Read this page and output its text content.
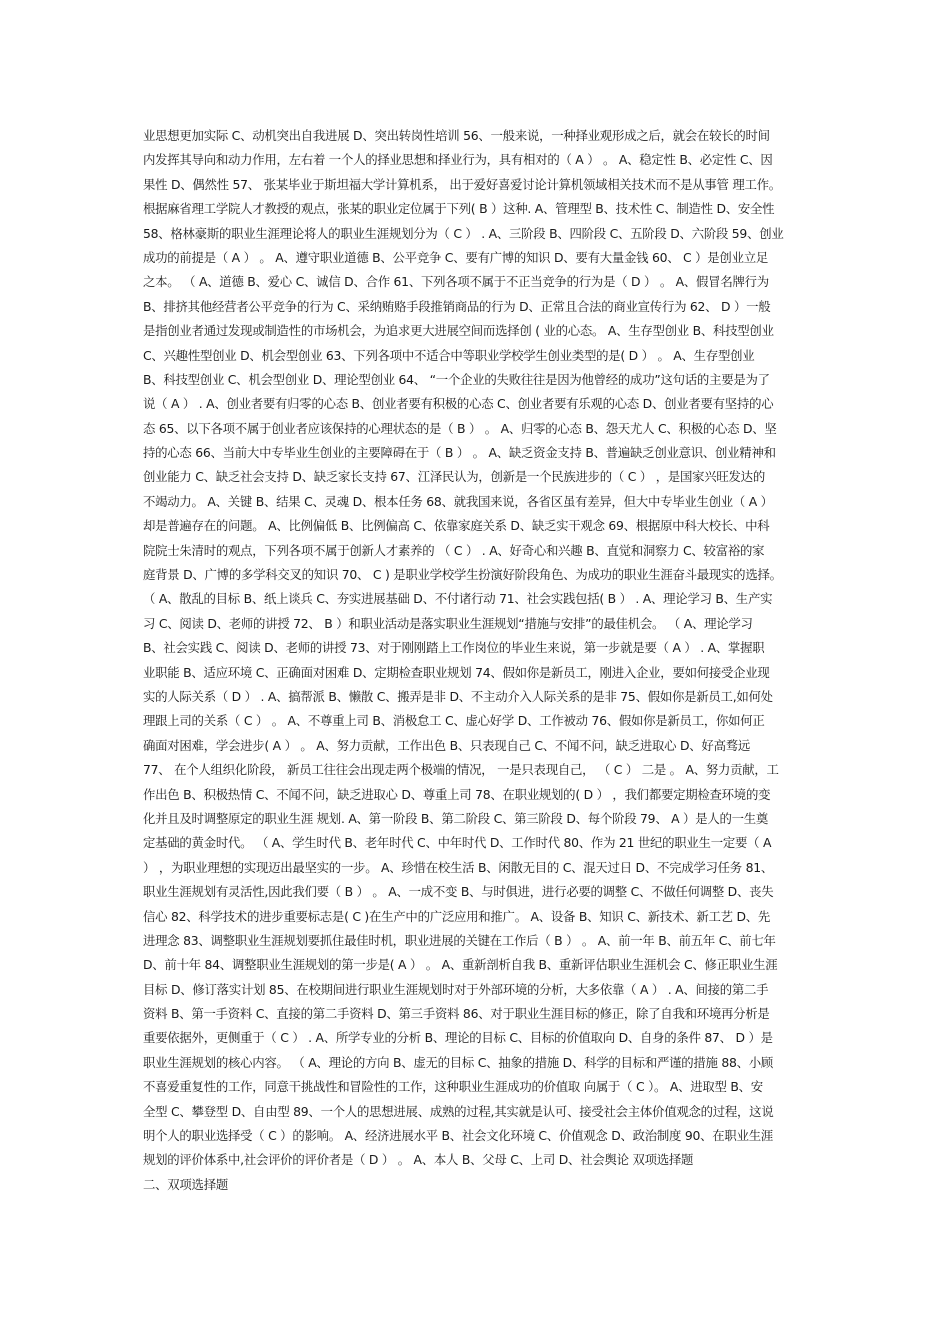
业思想更加实际 C、动机突出自我进展 D、突出转岗性培训 56、一般来说，一种择业观形成之后，就会在较长的时间
内发挥其导向和动力作用，左右着 一个人的择业思想和择业行为，具有相对的（ A ） 。 A、稳定性 B、必定性 C、因
果性 D、偶然性 57、 张某毕业于斯坦福大学计算机系， 出于爱好喜爱讨论计算机领域相关技术而不是从事管 理工作。
根据麻省理工学院人才教授的观点，张某的职业定位属于下列( B ）这种. A、管理型 B、技术性 C、制造性 D、安全性
58、格林豪斯的职业生涯理论将人的职业生涯规划分为（ C ） . A、三阶段 B、四阶段 C、五阶段 D、六阶段 59、创业
成功的前提是（ A ） 。 A、遵守职业道德 B、公平竞争 C、要有广博的知识 D、要有大量金钱 60、 C ）是创业立足
之本。 （ A、道德 B、爱心 C、诚信 D、合作 61、下列各项不属于不正当竞争的行为是（ D ） 。 A、假冒名牌行为
B、排挤其他经营者公平竞争的行为 C、采纳贿赂手段推销商品的行为 D、正常且合法的商业宣传行为 62、 D ）一般
是指创业者通过发现或制造性的市场机会，为追求更大进展空间而选择创 ( 业的心态。 A、生存型创业 B、科技型创业
C、兴趣性型创业 D、机会型创业 63、下列各项中不适合中等职业学校学生创业类型的是( D ） 。 A、生存型创业
B、科技型创业 C、机会型创业 D、理论型创业 64、 “一个企业的失败往往是因为他曾经的成功”这句话的主要是为了
说（ A ） . A、创业者要有归零的心态 B、创业者要有积极的心态 C、创业者要有乐观的心态 D、创业者要有坚持的心
态 65、以下各项不属于创业者应该保持的心理状态的是（ B ） 。 A、归零的心态 B、怨天尤人 C、积极的心态 D、坚
持的心态 66、当前大中专毕业生创业的主要障碍在于（ B ） 。 A、缺乏资金支持 B、普遍缺乏创业意识、创业精神和
创业能力 C、缺乏社会支持 D、缺乏家长支持 67、江泽民认为，创新是一个民族进步的（ C ） ，是国家兴旺发达的
不竭动力。 A、关键 B、结果 C、灵魂 D、根本任务 68、就我国来说，各省区虽有差异，但大中专毕业生创业（ A ）
却是普遍存在的问题。 A、比例偏低 B、比例偏高 C、依靠家庭关系 D、缺乏实干观念 69、根据原中科大校长、中科
院院士朱清时的观点，下列各项不属于创新人才素养的 （ C ） . A、好奇心和兴趣 B、直觉和洞察力 C、较富裕的家
庭背景 D、广博的多学科交叉的知识 70、 C ) 是职业学校学生扮演好阶段角色、为成功的职业生涯奋斗最现实的选择。
（ A、散乱的目标 B、纸上谈兵 C、夯实进展基础 D、不付诸行动 71、社会实践包括( B ） . A、理论学习 B、生产实
习 C、阅读 D、老师的讲授 72、 B ）和职业活动是落实职业生涯规划“措施与安排”的最佳机会。 （ A、理论学习
B、社会实践 C、阅读 D、老师的讲授 73、对于刚刚踏上工作岗位的毕业生来说，第一步就是要（ A ） . A、掌握职
业职能 B、适应环境 C、正确面对困难 D、定期检查职业规划 74、假如你是新员工，刚进入企业，要如何接受企业现
实的人际关系（ D ） . A、搞帮派 B、懒散 C、搬弄是非 D、不主动介入人际关系的是非 75、假如你是新员工,如何处
理跟上司的关系（ C ） 。 A、不尊重上司 B、消极怠工 C、虚心好学 D、工作被动 76、假如你是新员工，你如何正
确面对困难，学会进步( A ） 。 A、努力贡献，工作出色 B、只表现自己 C、不闻不问，缺乏进取心 D、好高骛远
77、 在个人组织化阶段， 新员工往往会出现走两个极端的情况， 一是只表现自己， （ C ） 二是 。 A、努力贡献，工
作出色 B、积极热情 C、不闻不问，缺乏进取心 D、尊重上司 78、在职业规划的( D ） ，我们都要定期检查环境的变
化并且及时调整原定的职业生涯 规划. A、第一阶段 B、第二阶段 C、第三阶段 D、每个阶段 79、 A ）是人的一生奠
定基础的黄金时代。 （ A、学生时代 B、老年时代 C、中年时代 D、工作时代 80、作为 21 世纪的职业生一定要（ A
） ，为职业理想的实现迈出最坚实的一步。 A、珍惜在校生活 B、闲散无目的 C、混天过日 D、不完成学习任务 81、
职业生涯规划有灵活性,因此我们要（ B ） 。 A、一成不变 B、与时俱进，进行必要的调整 C、不做任何调整 D、丧失
信心 82、科学技术的进步重要标志是( C )在生产中的广泛应用和推广。 A、设备 B、知识 C、新技术、新工艺 D、先
进理念 83、调整职业生涯规划要抓住最佳时机，职业进展的关键在工作后（ B ） 。 A、前一年 B、前五年 C、前七年
D、前十年 84、调整职业生涯规划的第一步是( A ） 。 A、重新剖析自我 B、重新评估职业生涯机会 C、修正职业生涯
目标 D、修订落实计划 85、在校期间进行职业生涯规划时对于外部环境的分析，大多依靠（ A ） . A、间接的第二手
资料 B、第一手资料 C、直接的第二手资料 D、第三手资料 86、对于职业生涯目标的修正，除了自我和环境再分析是
重要依据外，更侧重于（ C ） . A、所学专业的分析 B、理论的目标 C、目标的价值取向 D、自身的条件 87、 D ）是
职业生涯规划的核心内容。 （ A、理论的方向 B、虚无的目标 C、抽象的措施 D、科学的目标和严谨的措施 88、小顾
不喜爱重复性的工作，同意干挑战性和冒险性的工作，这种职业生涯成功的价值取 向属于（ C ）。 A、进取型 B、安
全型 C、攀登型 D、自由型 89、一个人的思想进展、成熟的过程,其实就是认可、接受社会主体价值观念的过程，这说
明个人的职业选择受（ C ）的影响。 A、经济进展水平 B、社会文化环境 C、价值观念 D、政治制度 90、在职业生涯
规划的评价体系中,社会评价的评价者是（ D ） 。 A、本人 B、父母 C、上司 D、社会舆论 双项选择题
二、双项选择题
